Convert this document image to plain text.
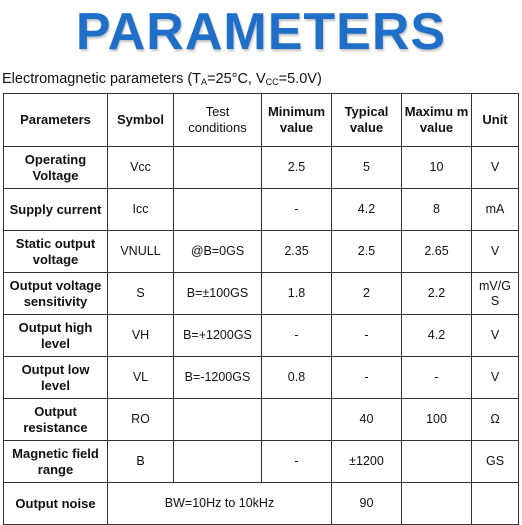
PARAMETERS
Electromagnetic parameters ($T_A=25^\circ C$, $V_{CC}=5.0V$)
Parameters	Symbol	Test conditions	Minimum value	Typical value	Maximu m value	Unit
Operating Voltage	Vcc		2.5	5	10	V
Supply current	Icc		-	4.2	8	mA
Static output voltage	VNULL	@B=0GS	2.35	2.5	2.65	V
Output voltage sensitivity	S	B=±100GS	1.8	2	2.2	mV/G S
Output high level	VH	B=+1200GS	-	-	4.2	V
Output low level	VL	B=-1200GS	0.8	-	-	V
Output resistance	RO			40	100	Ω
Magnetic field range	B		-	±1200		GS
Output noise	BW=10Hz to 10kHz			90		
